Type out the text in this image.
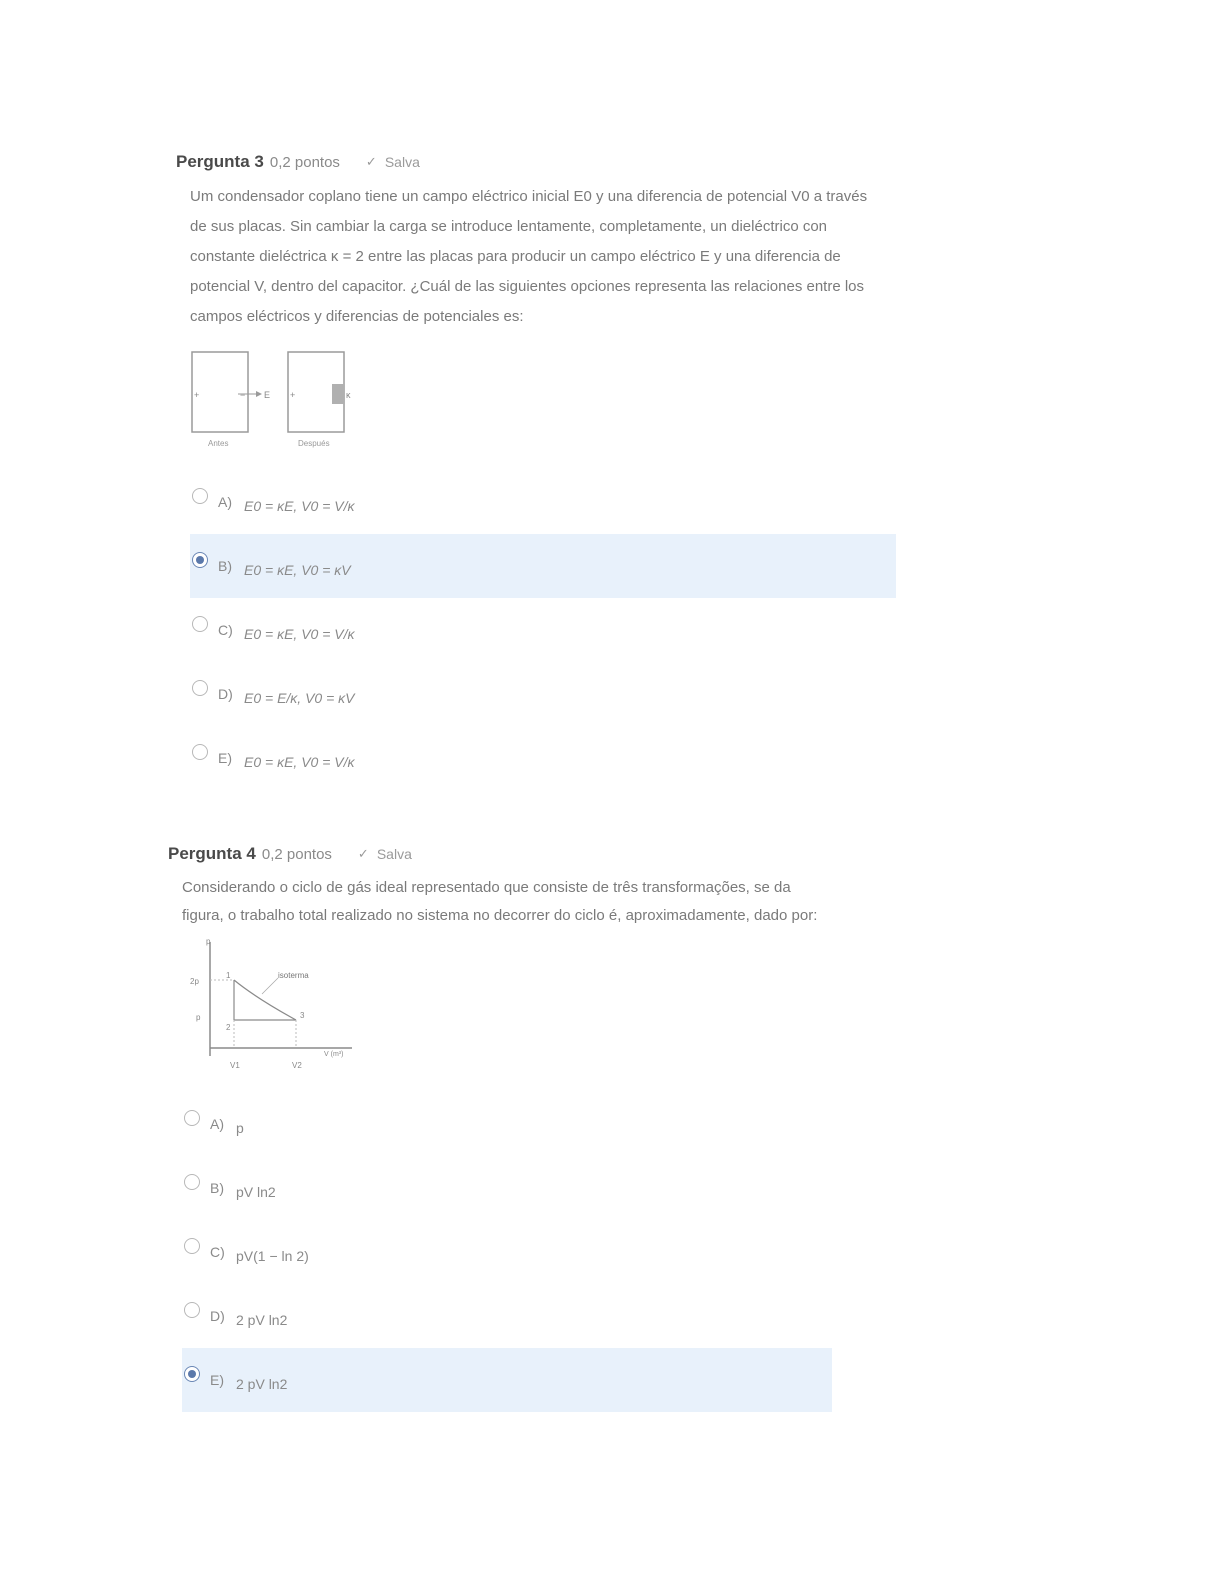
Pergunta 3 0,2 pontos ✓ Salva
Um condensador coplano tiene un campo eléctrico inicial E0 y una diferencia de potencial V0 a través de sus placas. Sin cambiar la carga se introduce lentamente, completamente, un dieléctrico con constante dieléctrica κ = 2 entre las placas para producir un campo eléctrico E y una diferencia de potencial V, dentro del capacitor. ¿Cuál de las siguientes opciones representa las relaciones entre los campos eléctricos y diferencias de potenciales es:
+	− E
Antes
+	κ
Después
A) E0 = κE, V0 = V/κ
B) E0 = κE, V0 = κV
C) E0 = κE, V0 = V/κ
D) E0 = E/κ, V0 = κV
E) E0 = κE, V0 = V/κ
Pergunta 4 0,2 pontos ✓ Salva
Considerando o ciclo de gás ideal representado que consiste de três transformações, se da figura, o trabalho total realizado no sistema no decorrer do ciclo é, aproximadamente, dado por:
p
V (m³)
2p
p
V1	V2
isoterma
1
2
3
A) p
B) pV ln2
C) pV(1 − ln 2)
D) 2 pV ln2
E) 2 pV ln2
